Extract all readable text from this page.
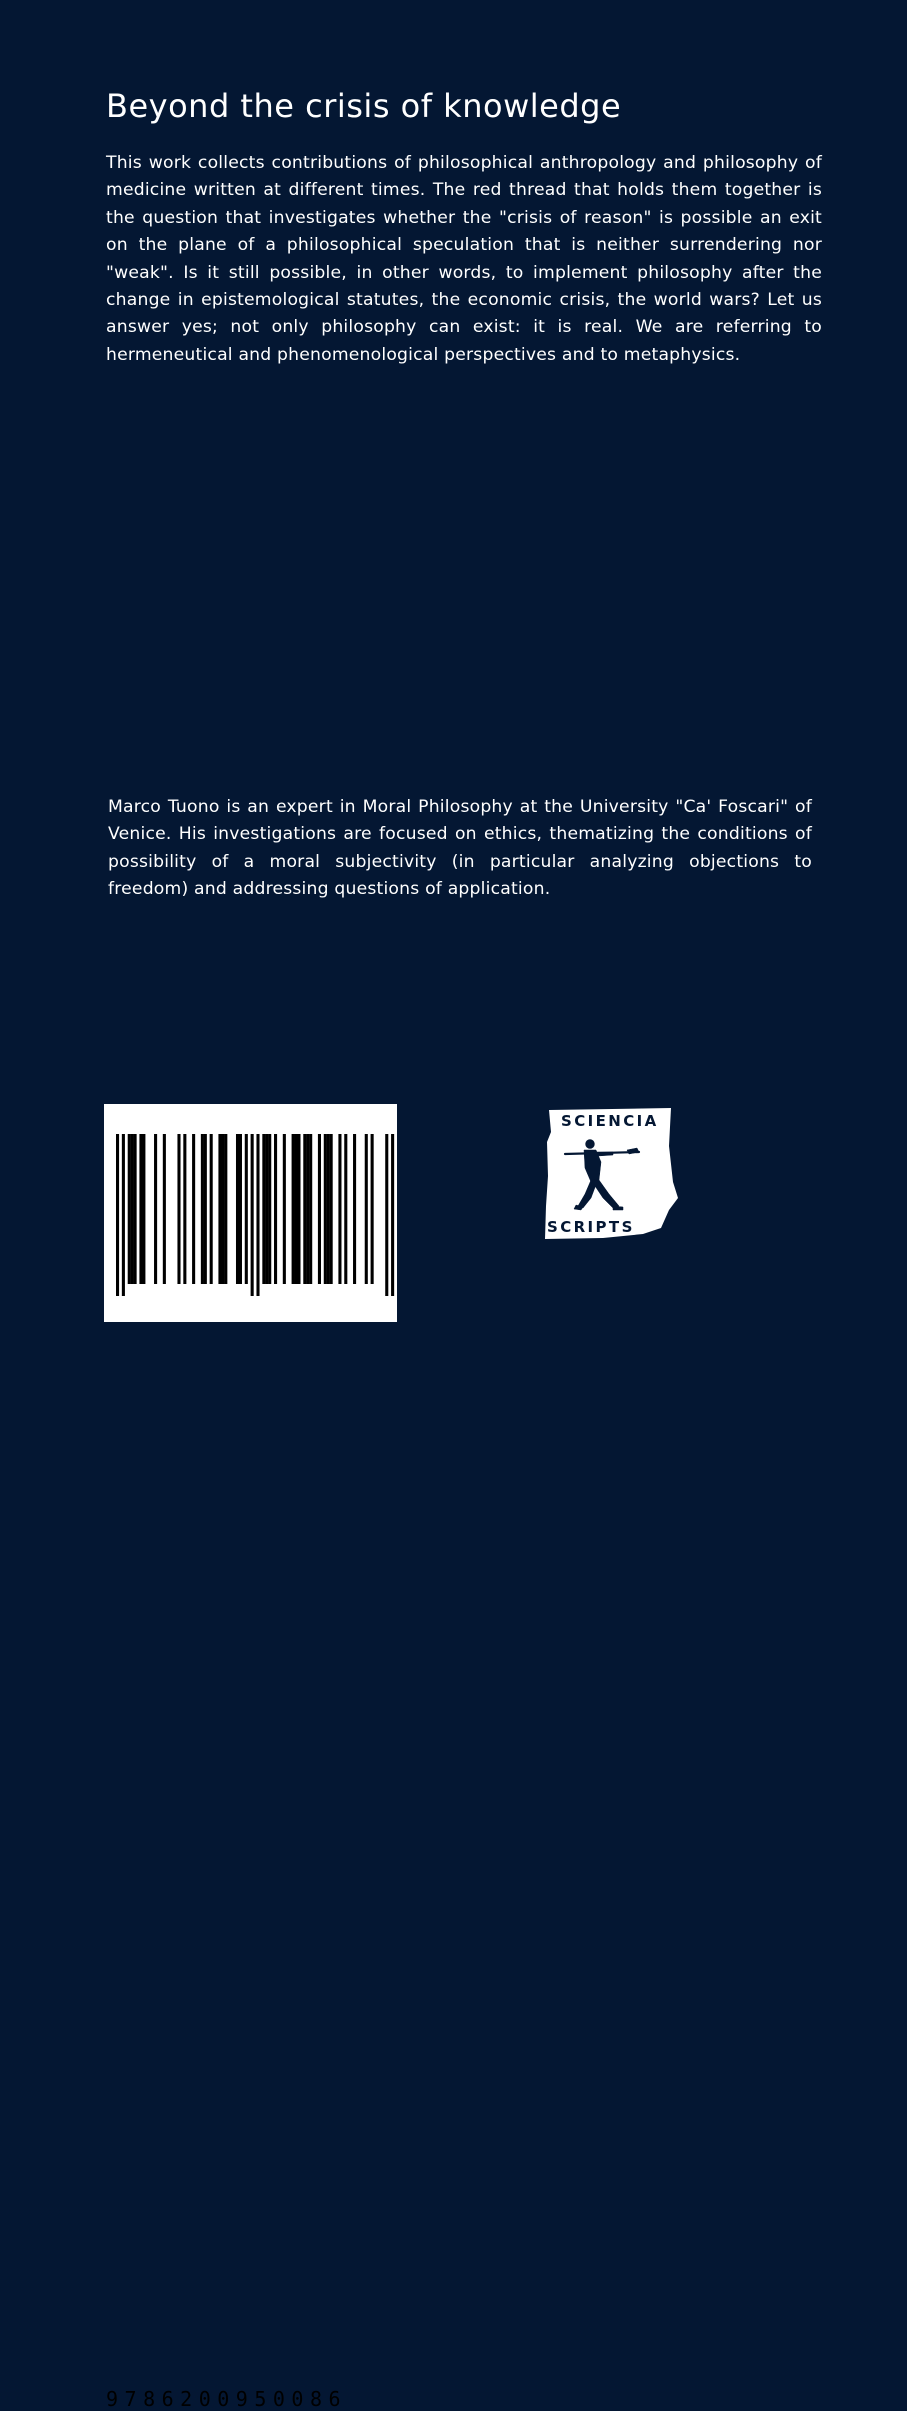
Beyond the crisis of knowledge

This work collects contributions of philosophical anthropology and philosophy of medicine written at different times. The red thread that holds them together is the question that investigates whether the "crisis of reason" is possible an exit on the plane of a philosophical speculation that is neither surrendering nor "weak". Is it still possible, in other words, to implement philosophy after the change in epistemological statutes, the economic crisis, the world wars? Let us answer yes; not only philosophy can exist: it is real. We are referring to hermeneutical and phenomenological perspectives and to metaphysics.

Marco Tuono is an expert in Moral Philosophy at the University "Ca' Foscari" of Venice. His investigations are focused on ethics, thematizing the conditions of possibility of a moral subjectivity (in particular analyzing objections to freedom) and addressing questions of application.

9786200950086
SCIENCIA
SCRIPTS
